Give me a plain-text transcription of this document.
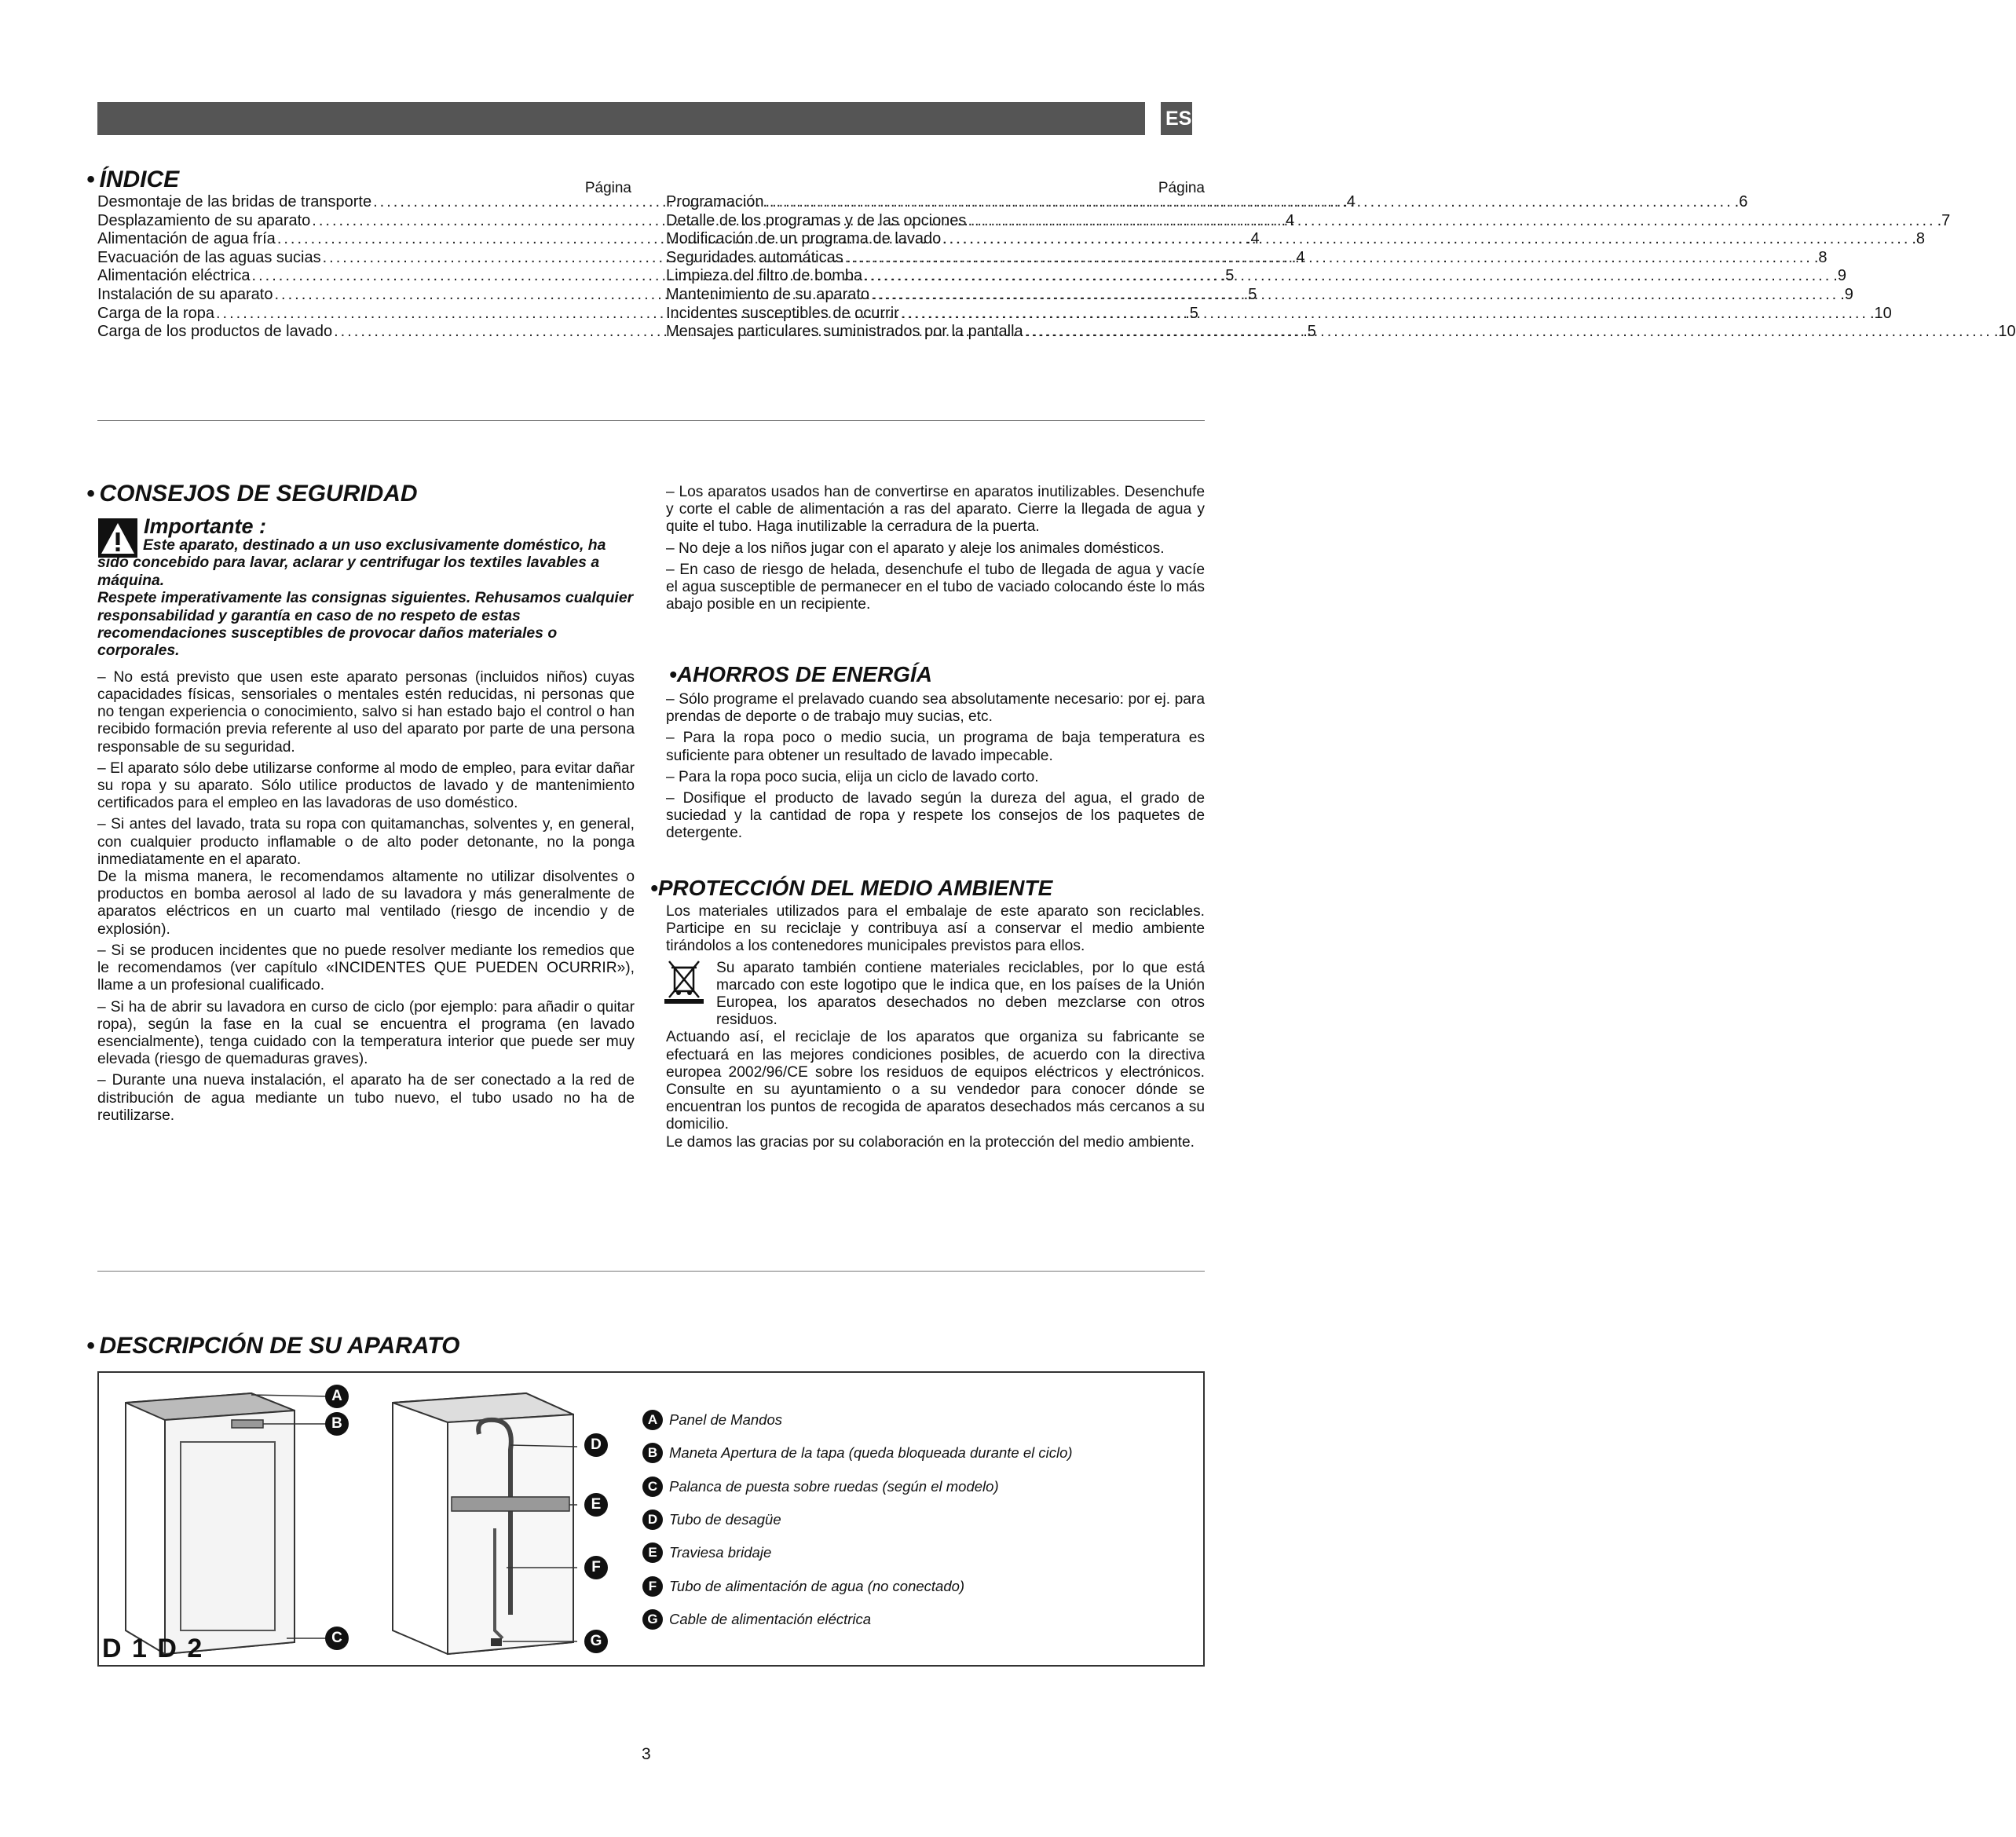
ES1
• ÍNDICE	Página
Desmontaje de las bridas de transporte .....	.4
Desplazamiento de su aparato .....	.4
Alimentación de agua fría .....	.4
Evacuación de las aguas sucias .....	.4
Alimentación eléctrica .....	.5
Instalación de su aparato .....	.5
Carga de la ropa .....	.5
Carga de los productos de lavado .....	.5
Página
Programación .....	.6
Detalle de los programas y de las opciones .....	.7
Modificación de un programa de lavado .....	.8
Seguridades automáticas .....	.8
Limpieza del filtro de bomba .....	.9
Mantenimiento de su aparato .....	.9
Incidentes susceptibles de ocurrir .....	.10
Mensajes particulares suministrados por la pantalla .....	.10
• CONSEJOS DE SEGURIDAD
Importante :

Este aparato, destinado a un uso exclusivamente doméstico, ha sido concebido para lavar, aclarar y centrifugar los textiles lavables a máquina.

Respete imperativamente las consignas siguientes. Rehusamos cualquier responsabilidad y garantía en caso de no respeto de estas recomendaciones susceptibles de provocar daños materiales o corporales.

– No está previsto que usen este aparato personas (incluidos niños) cuyas capacidades físicas, sensoriales o mentales estén reducidas, ni personas que no tengan experiencia o conocimiento, salvo si han estado bajo el control o han recibido formación previa referente al uso del aparato por parte de una persona responsable de su seguridad.

– El aparato sólo debe utilizarse conforme al modo de empleo, para evitar dañar su ropa y su aparato. Sólo utilice productos de lavado y de mantenimiento certificados para el empleo en las lavadoras de uso doméstico.

– Si antes del lavado, trata su ropa con quitamanchas, solventes y, en general, con cualquier producto inflamable o de alto poder detonante, no la ponga inmediatamente en el aparato.

De la misma manera, le recomendamos altamente no utilizar disolventes o productos en bomba aerosol al lado de su lavadora y más generalmente de aparatos eléctricos en un cuarto mal ventilado (riesgo de incendio y de explosión).

– Si se producen incidentes que no puede resolver mediante los remedios que le recomendamos (ver capítulo «INCIDENTES QUE PUEDEN OCURRIR»), llame a un profesional cualificado.

– Si ha de abrir su lavadora en curso de ciclo (por ejemplo: para añadir o quitar ropa), según la fase en la cual se encuentra el programa (en lavado esencialmente), tenga cuidado con la temperatura interior que puede ser muy elevada (riesgo de quemaduras graves).

– Durante una nueva instalación, el aparato ha de ser conectado a la red de distribución de agua mediante un tubo nuevo, el tubo usado no ha de reutilizarse.

– Los aparatos usados han de convertirse en aparatos inutilizables. Desenchufe y corte el cable de alimentación a ras del aparato. Cierre la llegada de agua y quite el tubo. Haga inutilizable la cerradura de la puerta.

– No deje a los niños jugar con el aparato y aleje los animales domésticos.

– En caso de riesgo de helada, desenchufe el tubo de llegada de agua y vacíe el agua susceptible de permanecer en el tubo de vaciado colocando éste lo más abajo posible en un recipiente.

•AHORROS DE ENERGÍA

– Sólo programe el prelavado cuando sea absolutamente necesario: por ej. para prendas de deporte o de trabajo muy sucias, etc.

– Para la ropa poco o medio sucia, un programa de baja temperatura es suficiente para obtener un resultado de lavado impecable.

– Para la ropa poco sucia, elija un ciclo de lavado corto.

– Dosifique el producto de lavado según la dureza del agua, el grado de suciedad y la cantidad de ropa y respete los consejos de los paquetes de detergente.

•PROTECCIÓN DEL MEDIO AMBIENTE

Los materiales utilizados para el embalaje de este aparato son reciclables. Participe en su reciclaje y contribuya así a conservar el medio ambiente tirándolos a los contenedores municipales previstos para ellos.

Su aparato también contiene materiales reciclables, por lo que está marcado con este logotipo que le indica que, en los países de la Unión Europea, los aparatos desechados no deben mezclarse con otros residuos.

Actuando así, el reciclaje de los aparatos que organiza su fabricante se efectuará en las mejores condiciones posibles, de acuerdo con la directiva europea 2002/96/CE sobre los residuos de equipos eléctricos y electrónicos. Consulte en su ayuntamiento o a su vendedor para conocer dónde se encuentran los puntos de recogida de aparatos desechados más cercanos a su domicilio.

Le damos las gracias por su colaboración en la protección del medio ambiente.

• DESCRIPCIÓN DE SU APARATO
A
B
C
D
E
F
G
D 1 D 2
A Panel de Mandos
B Maneta Apertura de la tapa (queda bloqueada durante el ciclo)
C Palanca de puesta sobre ruedas (según el modelo)
D Tubo de desagüe
E Traviesa bridaje
F Tubo de alimentación de agua (no conectado)
G Cable de alimentación eléctrica
3
